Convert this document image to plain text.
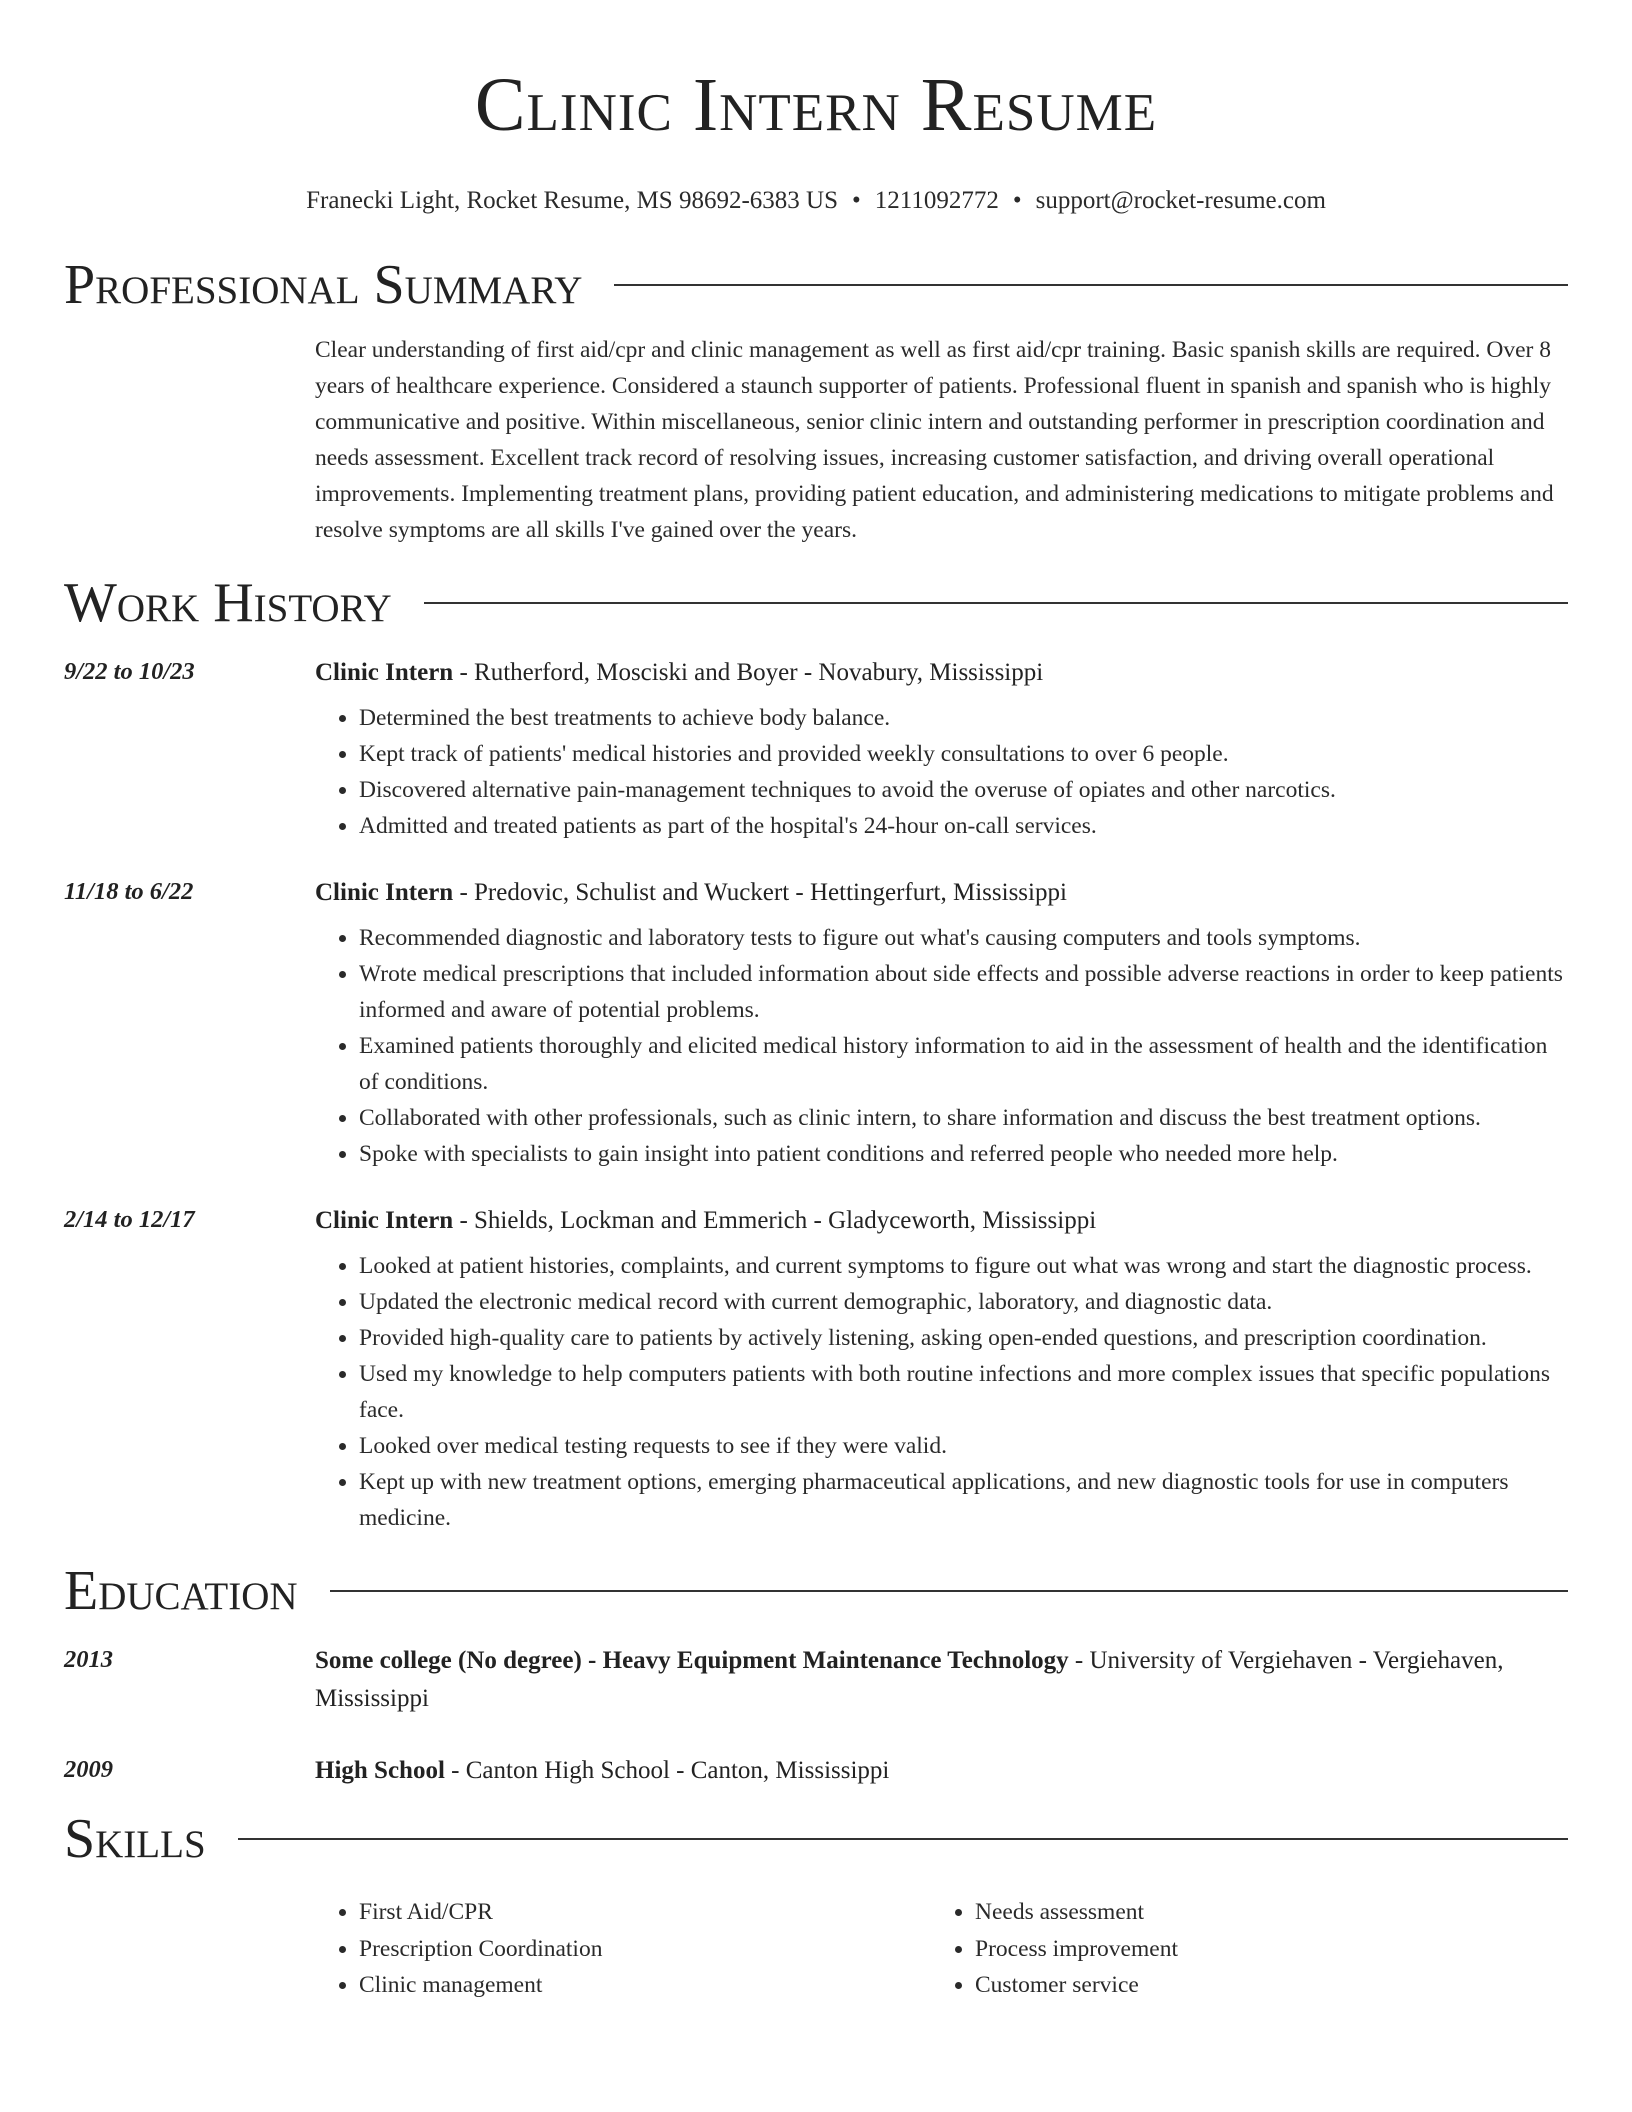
Clinic Intern Resume
Franecki Light, Rocket Resume, MS 98692-6383 US • 1211092772 • support@rocket-resume.com
Professional Summary
Clear understanding of first aid/cpr and clinic management as well as first aid/cpr training. Basic spanish skills are required. Over 8 years of healthcare experience. Considered a staunch supporter of patients. Professional fluent in spanish and spanish who is highly communicative and positive. Within miscellaneous, senior clinic intern and outstanding performer in prescription coordination and needs assessment. Excellent track record of resolving issues, increasing customer satisfaction, and driving overall operational improvements. Implementing treatment plans, providing patient education, and administering medications to mitigate problems and resolve symptoms are all skills I've gained over the years.
Work History
9/22 to 10/23	Clinic Intern - Rutherford, Mosciski and Boyer - Novabury, Mississippi
• Determined the best treatments to achieve body balance.
• Kept track of patients' medical histories and provided weekly consultations to over 6 people.
• Discovered alternative pain-management techniques to avoid the overuse of opiates and other narcotics.
• Admitted and treated patients as part of the hospital's 24-hour on-call services.
11/18 to 6/22	Clinic Intern - Predovic, Schulist and Wuckert - Hettingerfurt, Mississippi
• Recommended diagnostic and laboratory tests to figure out what's causing computers and tools symptoms.
• Wrote medical prescriptions that included information about side effects and possible adverse reactions in order to keep patients informed and aware of potential problems.
• Examined patients thoroughly and elicited medical history information to aid in the assessment of health and the identification of conditions.
• Collaborated with other professionals, such as clinic intern, to share information and discuss the best treatment options.
• Spoke with specialists to gain insight into patient conditions and referred people who needed more help.
2/14 to 12/17	Clinic Intern - Shields, Lockman and Emmerich - Gladyceworth, Mississippi
• Looked at patient histories, complaints, and current symptoms to figure out what was wrong and start the diagnostic process.
• Updated the electronic medical record with current demographic, laboratory, and diagnostic data.
• Provided high-quality care to patients by actively listening, asking open-ended questions, and prescription coordination.
• Used my knowledge to help computers patients with both routine infections and more complex issues that specific populations face.
• Looked over medical testing requests to see if they were valid.
• Kept up with new treatment options, emerging pharmaceutical applications, and new diagnostic tools for use in computers medicine.
Education
2013	Some college (No degree) - Heavy Equipment Maintenance Technology - University of Vergiehaven - Vergiehaven, Mississippi
2009	High School - Canton High School - Canton, Mississippi
Skills
• First Aid/CPR
• Prescription Coordination
• Clinic management
• Needs assessment
• Process improvement
• Customer service
